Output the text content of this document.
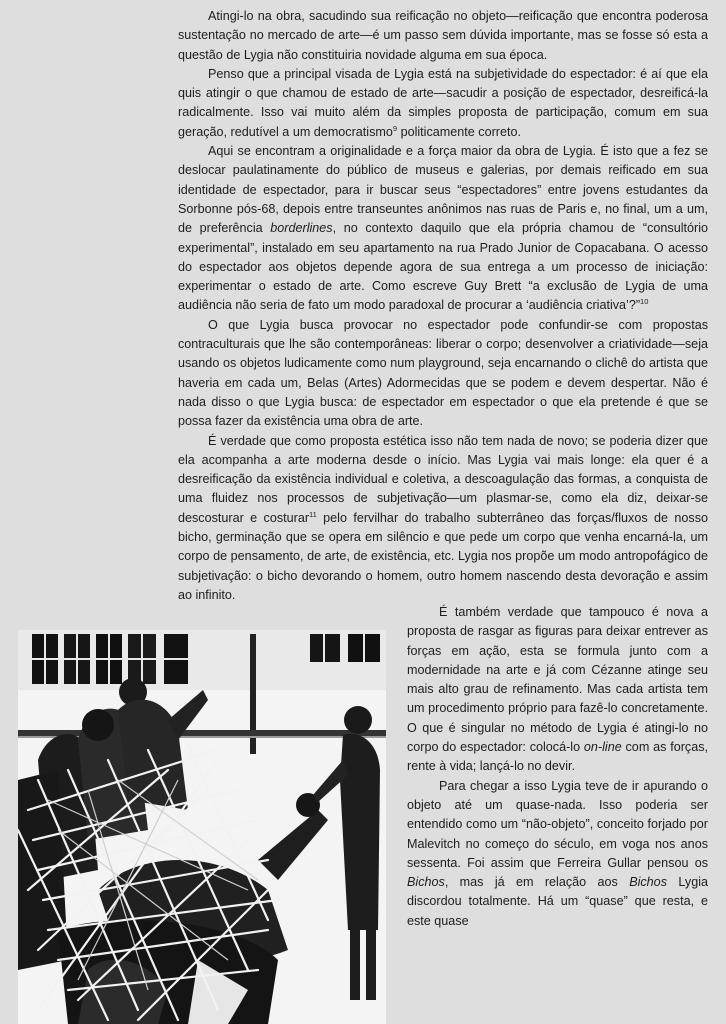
Atingi-lo na obra, sacudindo sua reificação no objeto—reificação que encontra poderosa sustentação no mercado de arte—é um passo sem dúvida importante, mas se fosse só esta a questão de Lygia não constituiria novidade alguma em sua época.

Penso que a principal visada de Lygia está na subjetividade do espectador: é aí que ela quis atingir o que chamou de estado de arte—sacudir a posição de espectador, desreificá-la radicalmente. Isso vai muito além da simples proposta de participação, comum em sua geração, redutível a um democratismo$^9$ politicamente correto.

Aqui se encontram a originalidade e a força maior da obra de Lygia. É isto que a fez se deslocar paulatinamente do público de museus e galerias, por demais reificado em sua identidade de espectador, para ir buscar seus “espectadores” entre jovens estudantes da Sorbonne pós-68, depois entre transeuntes anônimos nas ruas de Paris e, no final, um a um, de preferência borderlines, no contexto daquilo que ela própria chamou de “consultório experimental”, instalado em seu apartamento na rua Prado Junior de Copacabana. O acesso do espectador aos objetos depende agora de sua entrega a um processo de iniciação: experimentar o estado de arte. Como escreve Guy Brett “a exclusão de Lygia de uma audiência não seria de fato um modo paradoxal de procurar a ‘audiência criativa’?”$^{10}$

O que Lygia busca provocar no espectador pode confundir-se com propostas contraculturais que lhe são contemporâneas: liberar o corpo; desenvolver a criatividade—seja usando os objetos ludicamente como num playground, seja encarnando o clichê do artista que haveria em cada um, Belas (Artes) Adormecidas que se podem e devem despertar. Não é nada disso o que Lygia busca: de espectador em espectador o que ela pretende é que se possa fazer da existência uma obra de arte.

É verdade que como proposta estética isso não tem nada de novo; se poderia dizer que ela acompanha a arte moderna desde o início. Mas Lygia vai mais longe: ela quer é a desreificação da existência individual e coletiva, a descoagulação das formas, a conquista de uma fluidez nos processos de subjetivação—um plasmar-se, como ela diz, deixar-se descosturar e costurar$^{11}$ pelo fervilhar do trabalho subterrâneo das forças/fluxos de nosso bicho, germinação que se opera em silêncio e que pede um corpo que venha encarná-la, um corpo de pensamento, de arte, de existência, etc. Lygia nos propõe um modo antropofágico de subjetivação: o bicho devorando o homem, outro homem nascendo desta devoração e assim ao infinito.

É também verdade que tampouco é nova a proposta de rasgar as figuras para deixar entrever as forças em ação, esta se formula junto com a modernidade na arte e já com Cézanne atinge seu mais alto grau de refinamento. Mas cada artista tem um procedimento próprio para fazê-lo concretamente. O que é singular no método de Lygia é atingi-lo no corpo do espectador: colocá-lo on-line com as forças, rente à vida; lançá-lo no devir.

Para chegar a isso Lygia teve de ir apurando o objeto até um quase-nada. Isso poderia ser entendido como um “não-objeto”, conceito forjado por Malevitch no começo do século, em voga nos anos sessenta. Foi assim que Ferreira Gullar pensou os Bichos, mas já em relação aos Bichos Lygia discordou totalmente. Há um “quase” que resta, e este quase
